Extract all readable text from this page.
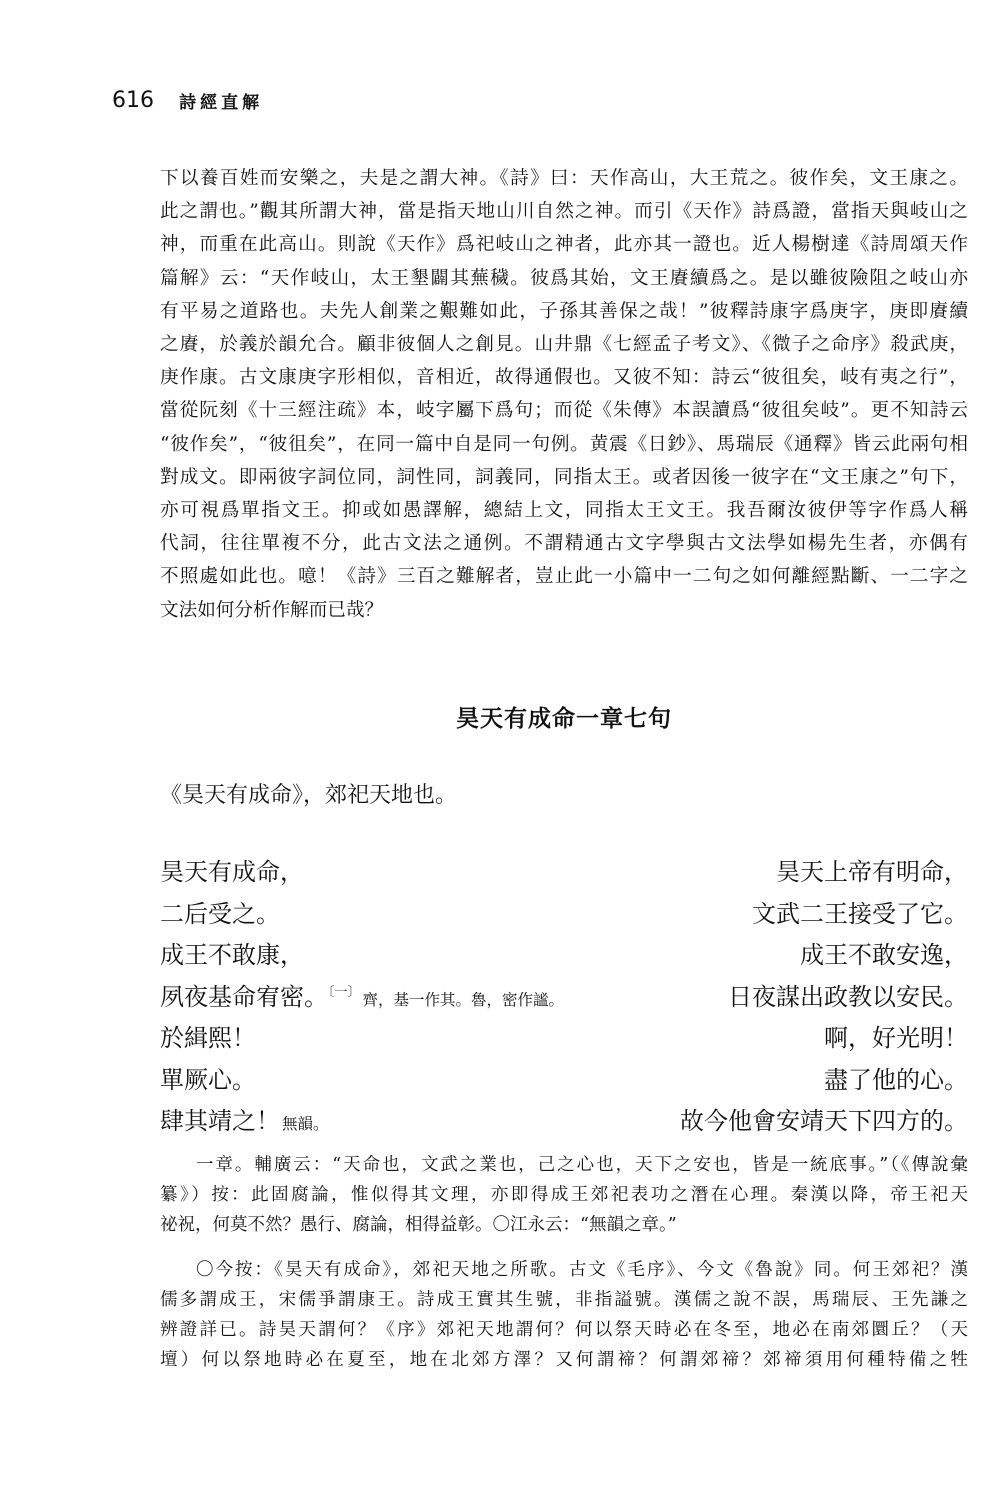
616 詩經直解
下以養百姓而安樂之，夫是之謂大神。《詩》曰：天作高山，大王荒之。彼作矣，文王康之。
此之謂也。”觀其所謂大神，當是指天地山川自然之神。而引《天作》詩爲證，當指天與岐山之
神，而重在此高山。則說《天作》爲祀岐山之神者，此亦其一證也。近人楊樹達《詩周頌天作
篇解》云：“天作岐山，太王墾闢其蕪穢。彼爲其始，文王賡續爲之。是以雖彼險阻之岐山亦
有平易之道路也。夫先人創業之艱難如此，子孫其善保之哉！”彼釋詩康字爲庚字，庚即賡續
之賡，於義於韻允合。顧非彼個人之創見。山井鼎《七經孟子考文》、《微子之命序》殺武庚，
庚作康。古文康庚字形相似，音相近，故得通假也。又彼不知：詩云“彼徂矣，岐有夷之行”，
當從阮刻《十三經注疏》本，岐字屬下爲句；而從《朱傳》本誤讀爲“彼徂矣岐”。更不知詩云
“彼作矣”，“彼徂矣”，在同一篇中自是同一句例。黄震《日鈔》、馬瑞辰《通釋》皆云此兩句相
對成文。即兩彼字詞位同，詞性同，詞義同，同指太王。或者因後一彼字在“文王康之”句下，
亦可視爲單指文王。抑或如愚譯解，總結上文，同指太王文王。我吾爾汝彼伊等字作爲人稱
代詞，往往單複不分，此古文法之通例。不謂精通古文字學與古文法學如楊先生者，亦偶有
不照處如此也。噫！《詩》三百之難解者，豈止此一小篇中一二句之如何離經點斷、一二字之
文法如何分析作解而已哉？
昊天有成命一章七句
《昊天有成命》，郊祀天地也。
昊天有成命，	昊天上帝有明命，
二后受之。	文武二王接受了它。
成王不敢康，	成王不敢安逸，
夙夜基命宥密。$^{〔一〕}$ 齊，基一作其。魯，密作謐。	日夜謀出政教以安民。
於緝熙！	啊，好光明！
單厥心。	盡了他的心。
肆其靖之！ 無韻。	故今他會安靖天下四方的。
一章。輔廣云：“天命也，文武之業也，己之心也，天下之安也，皆是一統底事。”（《傳說彙
纂》）按：此固腐論，惟似得其文理，亦即得成王郊祀表功之潛在心理。秦漢以降，帝王祀天
祕祝，何莫不然？愚行、腐論，相得益彰。〇江永云：“無韻之章。”
〇今按：《昊天有成命》，郊祀天地之所歌。古文《毛序》、今文《魯說》同。何王郊祀？漢
儒多謂成王，宋儒爭謂康王。詩成王實其生號，非指謚號。漢儒之說不誤，馬瑞辰、王先謙之
辨證詳已。詩昊天謂何？《序》郊祀天地謂何？何以祭天時必在冬至，地必在南郊圜丘？（天
壇）何以祭地時必在夏至，地在北郊方澤？又何謂禘？何謂郊禘？郊禘須用何種特備之牲
